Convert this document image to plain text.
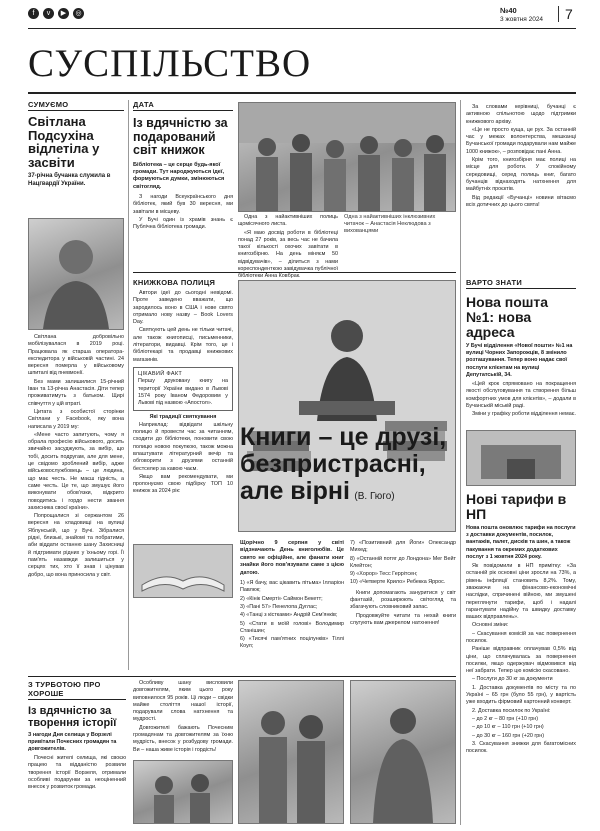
f	v	▶	◎	№40
3 жовтня 2024	7
СУСПІЛЬСТВО
СУМУЄМО
Світлана Подсухіна відлетіла у засвіти
37-річна бучанка служила в Нацгвардії України.

Світлана добровільно мобілізувалася в 2019 році. Працювала як старша оператора-експедитора у військовій частині. 24 вересня померла у військовому шпиталі від пневмонії.

Без мами залишилися 15-річний Іван та 13-річна Анастасія. Діти тепер проживатимуть з батьком. Щирі співчуття у цій втраті.

Цитата з особистої сторінки Світлани у Facebook, яку вона написала у 2019 му:

«Мене часто запитують, чому я обрала професію військового, досить звичайно засуджують, за вибір, що тобі, досить подругам, але для мене, це свідомо зроблений вибір, адже військовослужбовець – це людина, що має честь. Не маєш гідність, а саме честь. Це те, що змушує його виконувати обов'язки, відкрито поводитись і гордо нести звання захисника своєї країни».

Попрощалися зі сержантом 26 вересня на кладовищі на вулиці Яблунській, що у Бучі. Зібралися рідні, близькі, знайомі та побратими, аби віддати останню шану Захисниці й підтримати рідних у їхньому горі. Її пам'ять назавжди залишиться у серцях тих, хто її знав і цінував добро, що вона приносила у світ.

ДАТА
Із вдячністю за подарований світ книжок
Бібліотека – це серце будь-якої громади. Тут народжуються ідеї, формуються думки, змінюються світогляд.

З нагоди Всеукраїнського дня бібліотек, який був 30 вересня, ми завітали в місцеву.

У Бучі один із храмів знань є Публічна бібліотека громади.

Одна з найактивніших полиць щомісячного листа.

«Я маю досвід роботи в бібліотеці понад 27 років, за весь час не бачила такої кількості охочих завітати в книгозбірню. На день міняєм 50 відвідувачів», – ділиться з нами кореспонденткою завідувачка публічної бібліотеки Анна Ковбрак.

Одна з найактивніших інклюзивних читачок – Анастасія Неклюдова з вихованцями

За словами керівниці, бучанці є активною спільнотою щодо підтримки книжкового архіву.

«Це не просто куща, це рух. За останній час у межах волонтерства, мешканці Бучанської громади подарували нам майже 1000 книжок», – розповідає пані Анна.

Крім того, книгозбірня має полиці на місце для роботи. У спокійному середовищі, серед полиць книг, багато бучанців віднаходять натхнення для майбутніх проєктів.

Від редакції «Бучанці» новини вітаємо всіх дотичних до цього свята!

КНИЖКОВА ПОЛИЦЯ

Автори ідеї до сьогодні невідомі. Проте заведено вважати, що зародилось воно в США і нове свято отримало нову назву – Book Lovers Day.

Святкують цей день не тільки читачі, але також книгописці, письменники, літератори, видавці. Крім того, це і бібліотекарі та продавці книжкових магазинів.

ЦІКАВИЙ ФАКТ
Першу друковану книгу на території України видано в Львові 1574 року Іваном Федоровим у Львові під назвою «Апостол».
Які традиції святкування

Наприклад: відвідати шкільну полицю й провести час за читанням, сходити до бібліотеки, поновити свою полицю новою покупкою, також можна влаштувати літературний вечір та обговорити з друзями останній бестселер за кавою чаєм.

Якщо вам рекомендувати, ми пропонуємо свою підбірку ТОП 10 книжок за 2024 рік:

Книги – це друзі, безпристрасні, але вірні (В. Гюго)
Щорічно 9 серпня у світі відзначають День книголюбів. Це свято не офіційне, але фанати книг знайки його пов'язувати саме з цією датою.
1) «Я бачу, вас цікавить пітьма» Ілларіон Павлюк;
2) «Кінік Смерті» Саймон Бекетт;
3) «Пані 57» Пенелопа Дуглас;
4) «Танці з кістками» Андрій Сем'янків;
5) «Стати в моїй голові» Володимир Станішин;
6) «Тисячі пам'ятних поцілунків» Тіллі Коул;
7) «Позитивний для Йоги» Олександр Михед;
8) «Останній потяг до Лондона» Мег Вейт Клейтон;
9) «Хорор» Тесс Геррітсен;
10) «Четверте Крило» Ребекка Яррос.

Книги допомагають зануритися у світ фантазій, розширюють світогляд та збагачують словниковий запас.

Продовжуйте читати та нехай книги слугують вам джерелом натхнення!

ВАРТО ЗНАТИ
Нова пошта №1: нова адреса
У Бучі відділення «Нової пошти» №1 на вулиці Чорних Запорожців, 8 змінило розташування. Тепер воно надає свої послуги клієнтам на вулиці Депутатській, 34.

«Цей крок спрямовано на покращення якості обслуговування та створення більш комфортних умов для клієнтів», – додали в Бучанській міській раді.

Зміни у графіку роботи відділення немає.

Нові тарифи в НП
Нова пошта оновлює тарифи на послуги з доставки документів, посилок, вантажів, палет, дисків та шин, а також пакування та окремих додаткових послуг з 1 жовтня 2024 року.

Як повідомили в НП примітку: «За останній рік основні ціни зросли на 73%, а рівень інфляції становить 8,2%. Тому, зважаючи на фінансово-економічні наслідки, спричинені війною, ми змушені переглянути тарифи, щоб і надалі гарантувати надійну та швидку доставку ваших відправлень».

Основні зміни:

– Скасування комісій за час повернення посилок.

Раніше відправник оплачував 0,5% від ціни, що сплачувалась за повернення посилки, якщо одержувач відмовився від неї забрати. Тепер цю комісію скасовано.

– Послуги до 30 кг за документи

1. Доставка документів по місту та по Україні – 65 грн (було 55 грн), у вартість уже входить фірмовий картонний конверт.

2. Доставка посилок по Україні:

– до 2 кг – 80 грн (+10 грн)

– до 10 кг – 110 грн (+10 грн)

– до 30 кг – 160 грн (+20 грн)

3. Скасування знижки для багатомісних посилок.

З ТУРБОТОЮ ПРО ХОРОШЕ
Із вдячністю за творення історії
З нагоди Дня селища у Ворзелі привітали Почесних громадян та довгожителів.

Почесні жителі селища, які своєю працею та відданістю розвили творення історії Ворзеля, отримали особливі подарунки за неоціненний внесок у розвиток громади.

Особливу шану висловили довгожителям, яким цього року виповнилося 95 років. Ці люди – свідки майже століття нашої історії, подарували слова натхнення та мудрості.

Довгожителі бажають Почесним громадянам та довгожителям за їхню мудрість, внесок у розбудову громади. Ви – наша живе історія і гордість!
